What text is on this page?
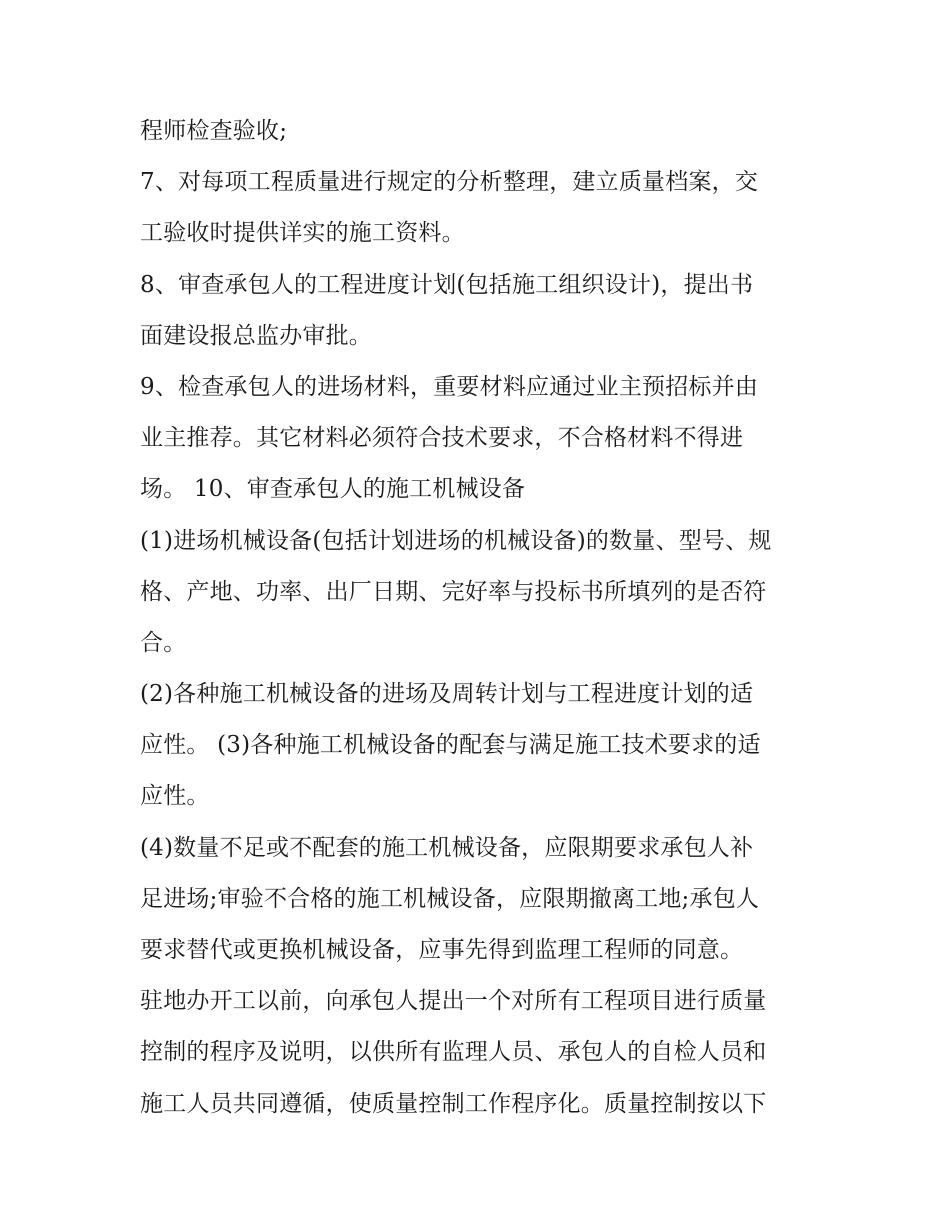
程师检查验收;
7、对每项工程质量进行规定的分析整理，建立质量档案，交
工验收时提供详实的施工资料。
8、审查承包人的工程进度计划(包括施工组织设计)，提出书
面建设报总监办审批。
9、检查承包人的进场材料，重要材料应通过业主预招标并由
业主推荐。其它材料必须符合技术要求，不合格材料不得进
场。 10、审查承包人的施工机械设备
(1)进场机械设备(包括计划进场的机械设备)的数量、型号、规
格、产地、功率、出厂日期、完好率与投标书所填列的是否符
合。
(2)各种施工机械设备的进场及周转计划与工程进度计划的适
应性。 (3)各种施工机械设备的配套与满足施工技术要求的适
应性。
(4)数量不足或不配套的施工机械设备，应限期要求承包人补
足进场;审验不合格的施工机械设备，应限期撤离工地;承包人
要求替代或更换机械设备，应事先得到监理工程师的同意。
驻地办开工以前，向承包人提出一个对所有工程项目进行质量
控制的程序及说明，以供所有监理人员、承包人的自检人员和
施工人员共同遵循，使质量控制工作程序化。质量控制按以下
